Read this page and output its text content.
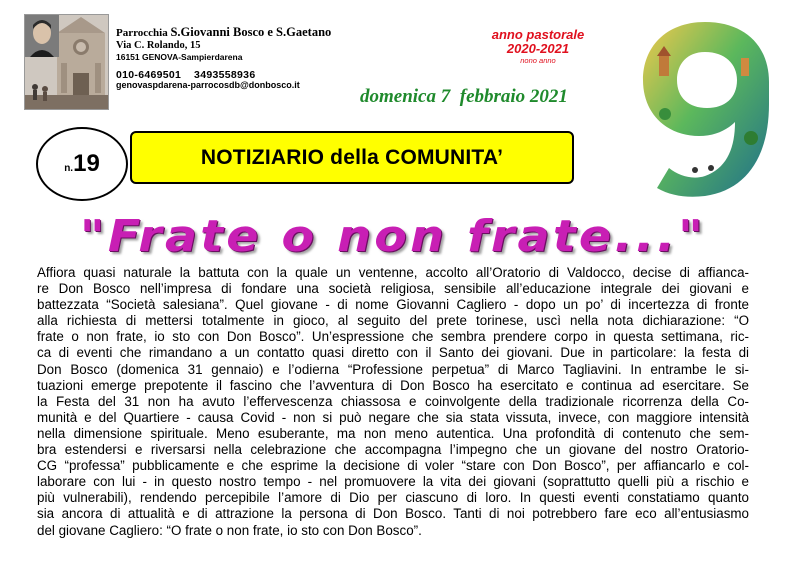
Parrocchia S.Giovanni Bosco e S.Gaetano
Via C. Rolando, 15
16151 GENOVA-Sampierdarena
010-6469501    3493558936
genovaspdarena-parrocosdb@donbosco.it
anno pastorale
2020-2021
nono anno
domenica 7  febbraio 2021
n. 19	NOTIZIARIO della COMUNITA’
"Frate o non frate..."
Affiora quasi naturale la battuta con la quale un ventenne, accolto all’Oratorio di Valdocco, decise di affianca-
re Don Bosco nell’impresa di fondare una società religiosa, sensibile all’educazione integrale dei giovani e
battezzata “Società salesiana”. Quel giovane - di nome Giovanni Cagliero - dopo un po’ di incertezza di fronte
alla richiesta di mettersi totalmente in gioco, al seguito del prete torinese, uscì nella nota dichiarazione: “O
frate o non frate, io sto con Don Bosco”. Un’espressione che sembra prendere corpo in questa settimana, ric-
ca di eventi che rimandano a un contatto quasi diretto con il Santo dei giovani. Due in particolare: la festa di
Don Bosco (domenica 31 gennaio) e l’odierna “Professione perpetua” di Marco Tagliavini. In entrambe le si-
tuazioni emerge prepotente il fascino che l’avventura di Don Bosco ha esercitato e continua ad esercitare. Se
la Festa del 31 non ha avuto l’effervescenza chiassosa e coinvolgente della tradizionale ricorrenza della Co-
munità e del Quartiere - causa Covid - non si può negare che sia stata vissuta, invece, con maggiore intensità
nella dimensione spirituale. Meno esuberante, ma non meno autentica. Una profondità di contenuto che sem-
bra estendersi e riversarsi nella celebrazione che accompagna l’impegno che un giovane del nostro Oratorio-
CG “professa” pubblicamente e che esprime la decisione di voler “stare con Don Bosco”, per affiancarlo e col-
laborare con lui - in questo nostro tempo - nel promuovere la vita dei giovani (soprattutto quelli più a rischio e
più vulnerabili), rendendo percepibile l’amore di Dio per ciascuno di loro. In questi eventi constatiamo quanto
sia ancora di attualità e di attrazione la persona di Don Bosco. Tanti di noi potrebbero fare eco all’entusiasmo
del giovane Cagliero: “O frate o non frate, io sto con Don Bosco”.
